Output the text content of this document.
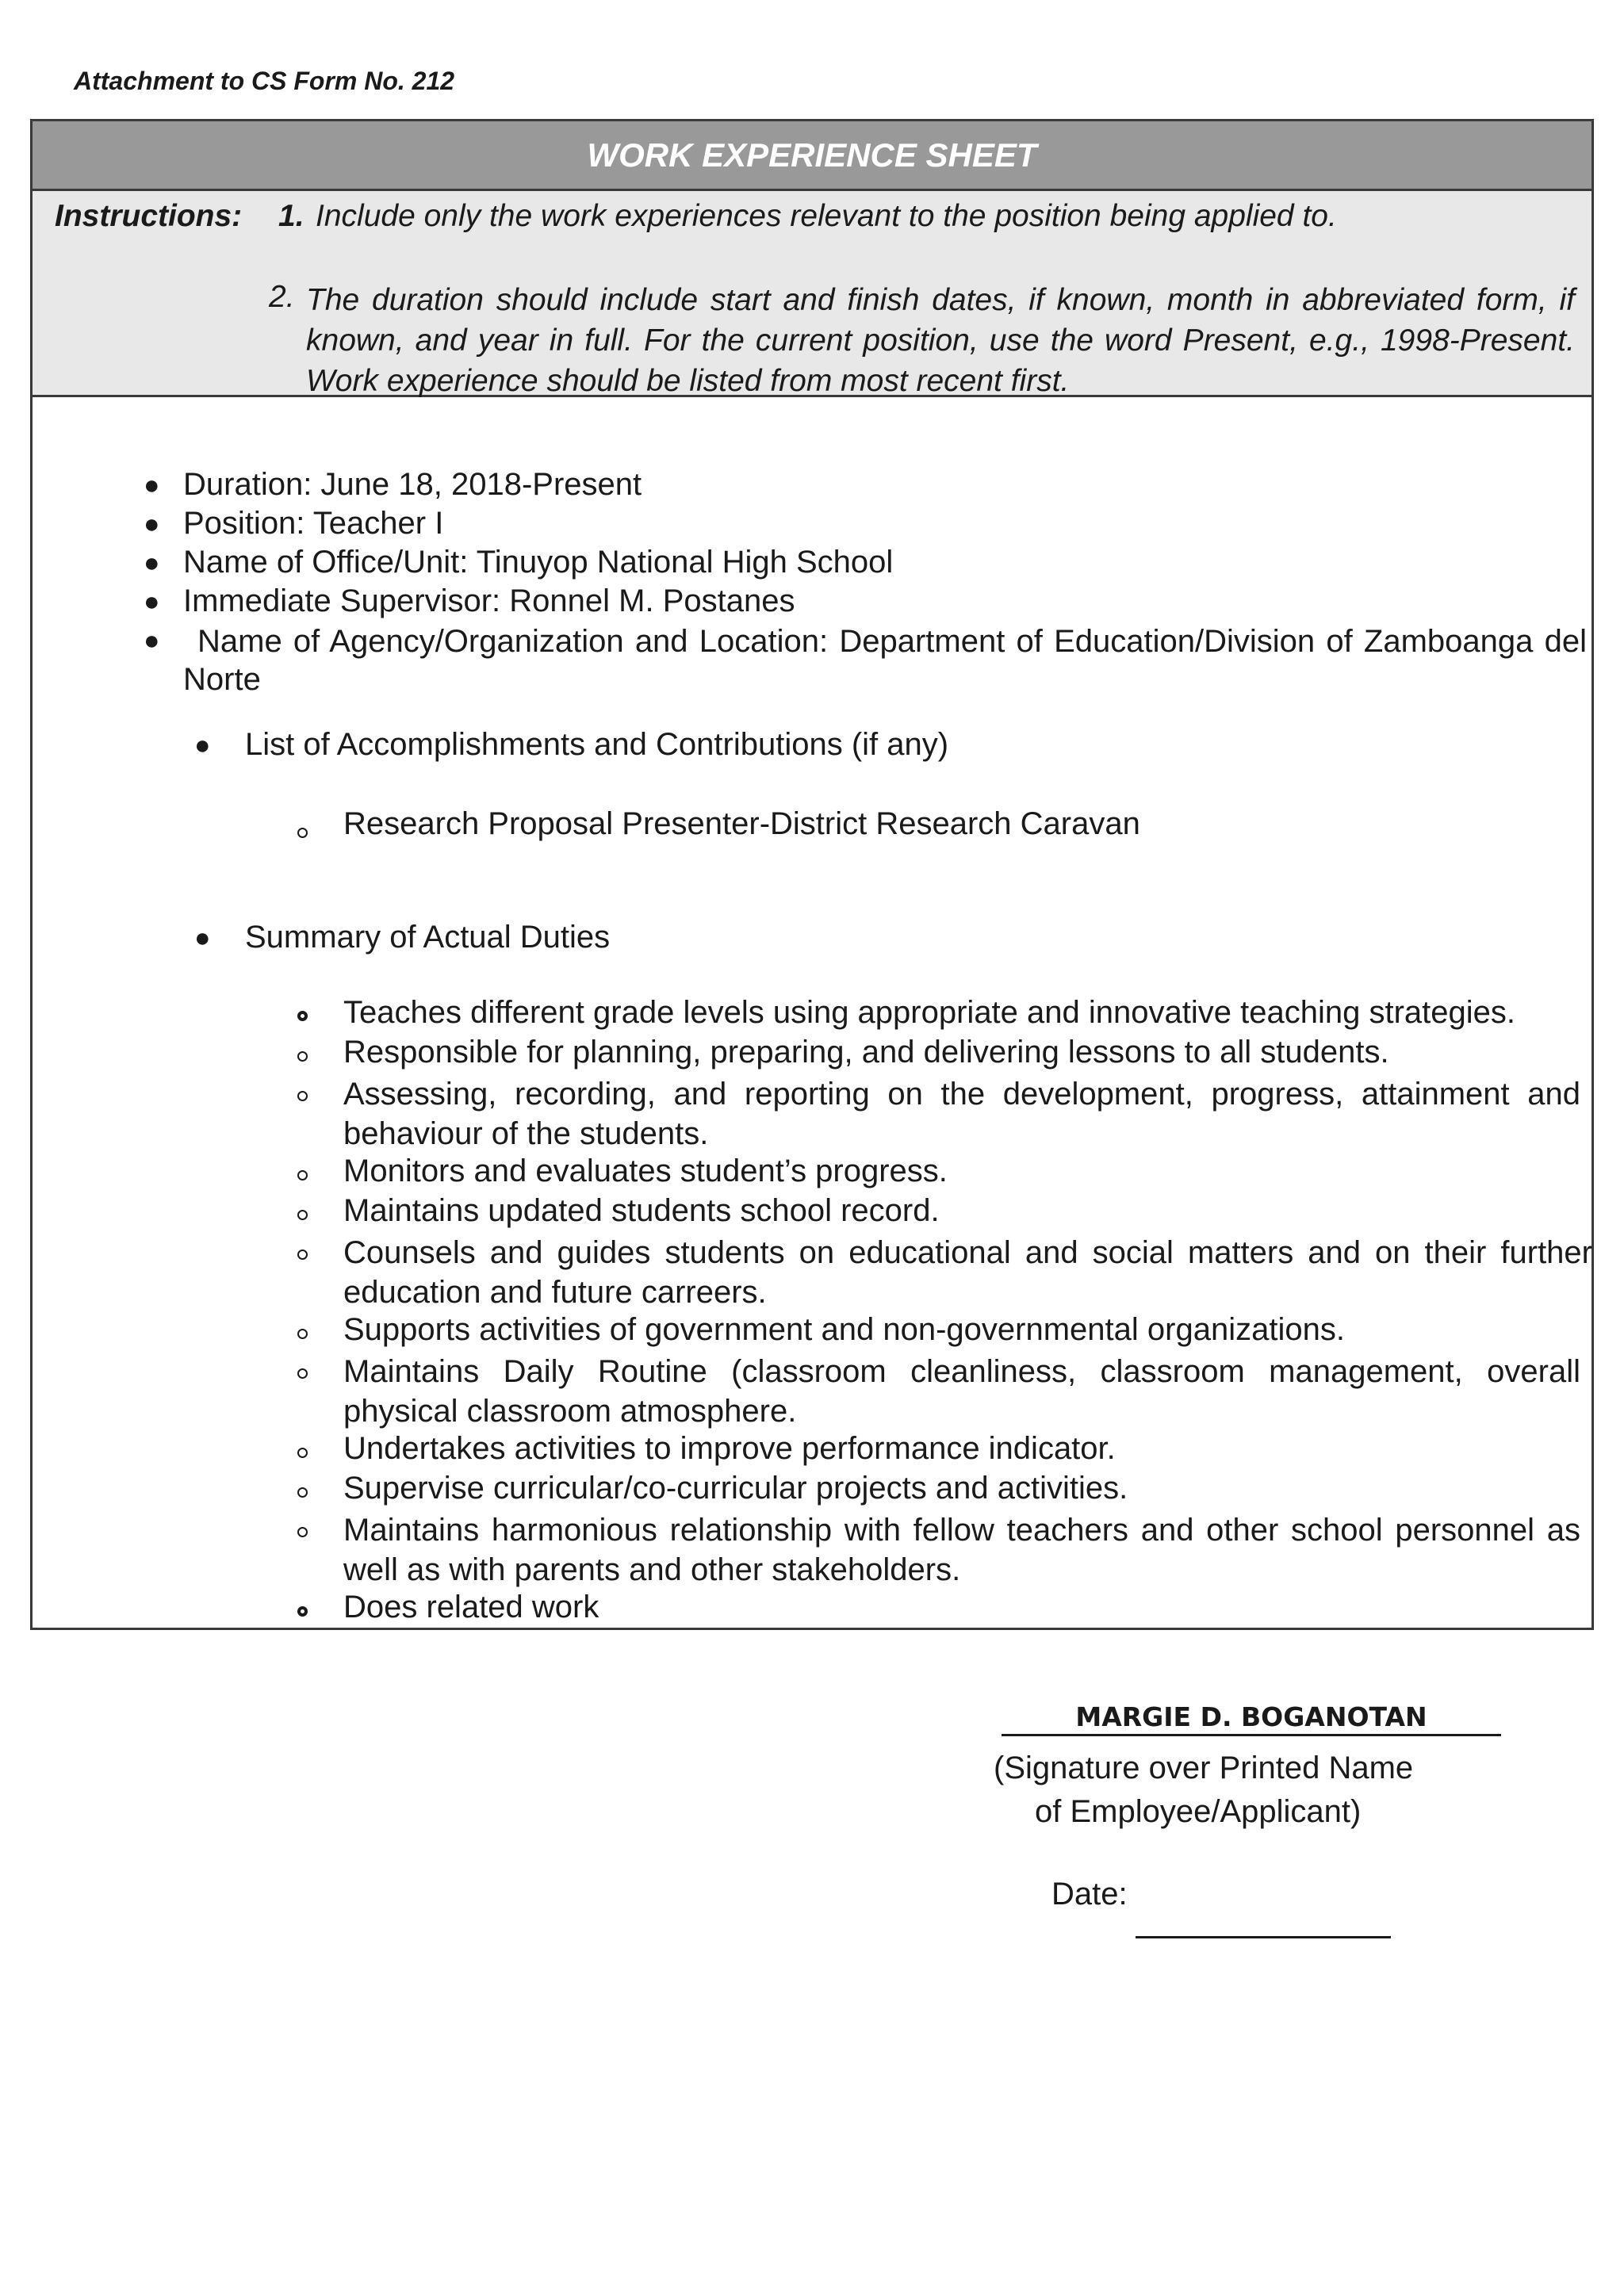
Attachment to CS Form No. 212
WORK EXPERIENCE SHEET
Instructions: 1. Include only the work experiences relevant to the position being applied to.
2. The duration should include start and finish dates, if known, month in abbreviated form, if known, and year in full. For the current position, use the word Present, e.g., 1998-Present. Work experience should be listed from most recent first.
● Duration: June 18, 2018-Present
● Position: Teacher I
● Name of Office/Unit: Tinuyop National High School
● Immediate Supervisor: Ronnel M. Postanes
●	Name of Agency/Organization and Location: Department of Education/Division of Zamboanga del Norte
● List of Accomplishments and Contributions (if any)
Research Proposal Presenter-District Research Caravan
● Summary of Actual Duties
Teaches different grade levels using appropriate and innovative teaching strategies.
Responsible for planning, preparing, and delivering lessons to all students.
Assessing, recording, and reporting on the development, progress, attainment and behaviour of the students.
Monitors and evaluates student’s progress.
Maintains updated students school record.
Counsels and guides students on educational and social matters and on their further education and future carreers.
Supports activities of government and non-governmental organizations.
Maintains Daily Routine (classroom cleanliness, classroom management, overall physical classroom atmosphere.
Undertakes activities to improve performance indicator.
Supervise curricular/co-curricular projects and activities.
Maintains harmonious relationship with fellow teachers and other school personnel as well as with parents and other stakeholders.
Does related work
MARGIE D. BOGANOTAN
(Signature over Printed Name
of Employee/Applicant)
Date:
